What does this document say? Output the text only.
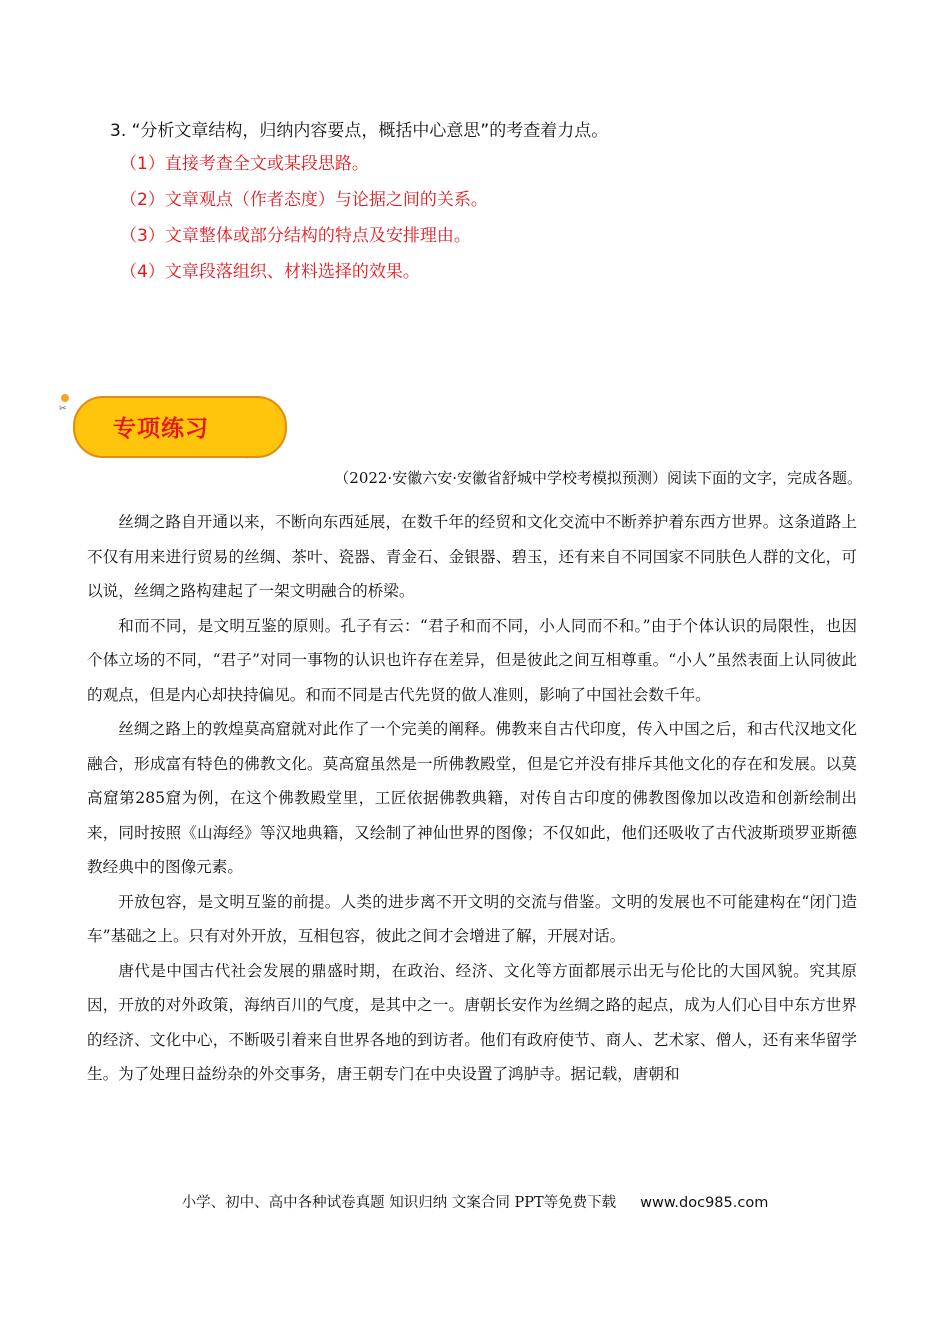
3. “分析文章结构，归纳内容要点，概括中心意思”的考查着力点。
（1）直接考查全文或某段思路。
（2）文章观点（作者态度）与论据之间的关系。
（3）文章整体或部分结构的特点及安排理由。
（4）文章段落组织、材料选择的效果。
✂
专项练习
（2022·安徽六安·安徽省舒城中学校考模拟预测）阅读下面的文字，完成各题。

丝绸之路自开通以来，不断向东西延展，在数千年的经贸和文化交流中不断养护着东西方世界。这条道路上不仅有用来进行贸易的丝绸、茶叶、瓷器、青金石、金银器、碧玉，还有来自不同国家不同肤色人群的文化，可以说，丝绸之路构建起了一架文明融合的桥梁。

和而不同，是文明互鉴的原则。孔子有云：“君子和而不同，小人同而不和。”由于个体认识的局限性，也因个体立场的不同，“君子”对同一事物的认识也许存在差异，但是彼此之间互相尊重。“小人”虽然表面上认同彼此的观点，但是内心却抉持偏见。和而不同是古代先贤的做人准则，影响了中国社会数千年。

丝绸之路上的敦煌莫高窟就对此作了一个完美的阐释。佛教来自古代印度，传入中国之后，和古代汉地文化融合，形成富有特色的佛教文化。莫高窟虽然是一所佛教殿堂，但是它并没有排斥其他文化的存在和发展。以莫高窟第285窟为例，在这个佛教殿堂里，工匠依据佛教典籍，对传自古印度的佛教图像加以改造和创新绘制出来，同时按照《山海经》等汉地典籍，又绘制了神仙世界的图像；不仅如此，他们还吸收了古代波斯琐罗亚斯德教经典中的图像元素。

开放包容，是文明互鉴的前提。人类的进步离不开文明的交流与借鉴。文明的发展也不可能建构在“闭门造车”基础之上。只有对外开放，互相包容，彼此之间才会增进了解，开展对话。

唐代是中国古代社会发展的鼎盛时期，在政治、经济、文化等方面都展示出无与伦比的大国风貌。究其原因，开放的对外政策，海纳百川的气度，是其中之一。唐朝长安作为丝绸之路的起点，成为人们心目中东方世界的经济、文化中心，不断吸引着来自世界各地的到访者。他们有政府使节、商人、艺术家、僧人，还有来华留学生。为了处理日益纷杂的外交事务，唐王朝专门在中央设置了鸿胪寺。据记载，唐朝和

小学、初中、高中各种试卷真题 知识归纳 文案合同 PPT等免费下载 www.doc985.com
